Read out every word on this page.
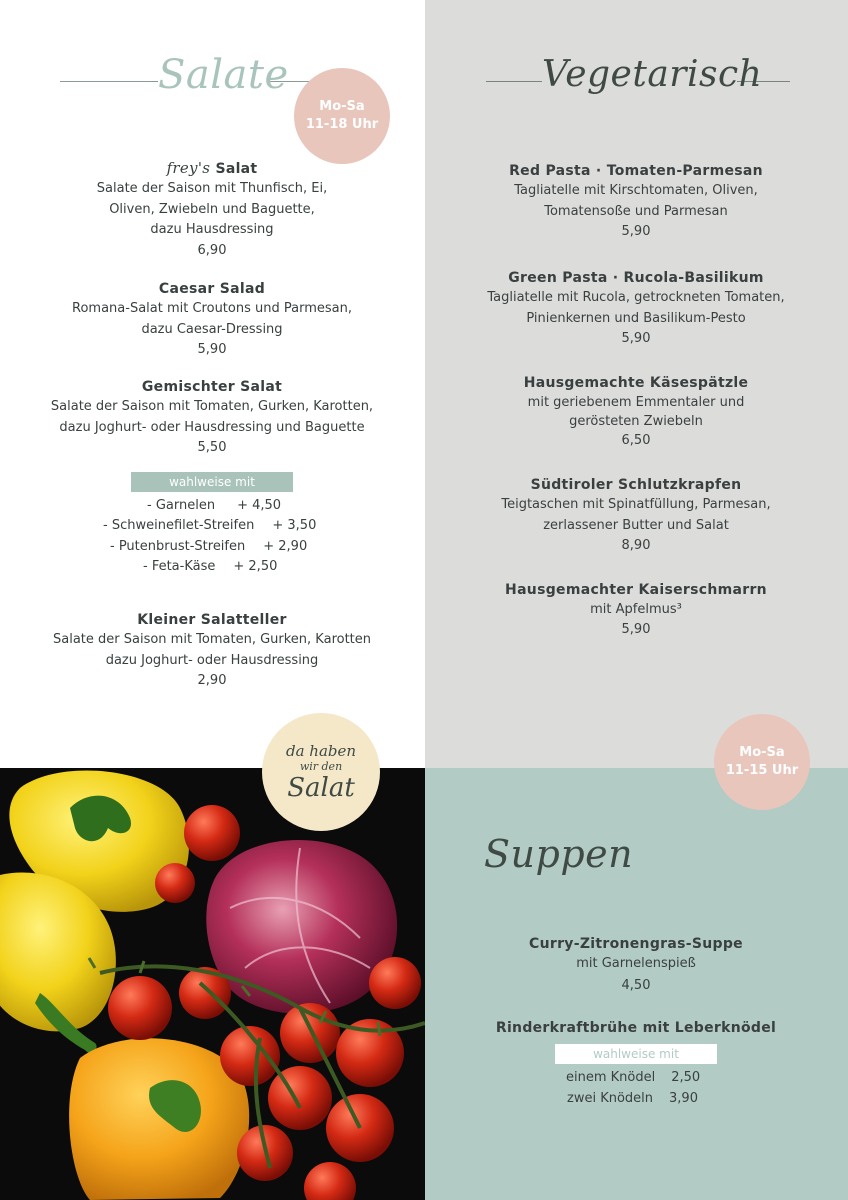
Salate
Mo-Sa
11-18 Uhr
frey's Salat
Salate der Saison mit Thunfisch, Ei,
Oliven, Zwiebeln und Baguette,
dazu Hausdressing
6,90
Caesar Salad
Romana-Salat mit Croutons und Parmesan,
dazu Caesar-Dressing
5,90
Gemischter Salat
Salate der Saison mit Tomaten, Gurken, Karotten,
dazu Joghurt- oder Hausdressing und Baguette
5,50
wahlweise mit
- Garnelen + 4,50
- Schweinefilet-Streifen + 3,50
- Putenbrust-Streifen + 2,90
- Feta-Käse + 2,50
Kleiner Salatteller
Salate der Saison mit Tomaten, Gurken, Karotten
dazu Joghurt- oder Hausdressing
2,90
da haben
wir den
Salat
Vegetarisch
Red Pasta · Tomaten-Parmesan
Tagliatelle mit Kirschtomaten, Oliven,
Tomatensoße und Parmesan
5,90
Green Pasta · Rucola-Basilikum
Tagliatelle mit Rucola, getrockneten Tomaten,
Pinienkernen und Basilikum-Pesto
5,90
Hausgemachte Käsespätzle
mit geriebenem Emmentaler und
gerösteten Zwiebeln
6,50
Südtiroler Schlutzkrapfen
Teigtaschen mit Spinatfüllung, Parmesan,
zerlassener Butter und Salat
8,90
Hausgemachter Kaiserschmarrn
mit Apfelmus³
5,90
Mo-Sa
11-15 Uhr
Suppen
Curry-Zitronengras-Suppe
mit Garnelenspieß
4,50
Rinderkraftbrühe mit Leberknödel
wahlweise mit
einem Knödel 2,50
zwei Knödeln 3,90
